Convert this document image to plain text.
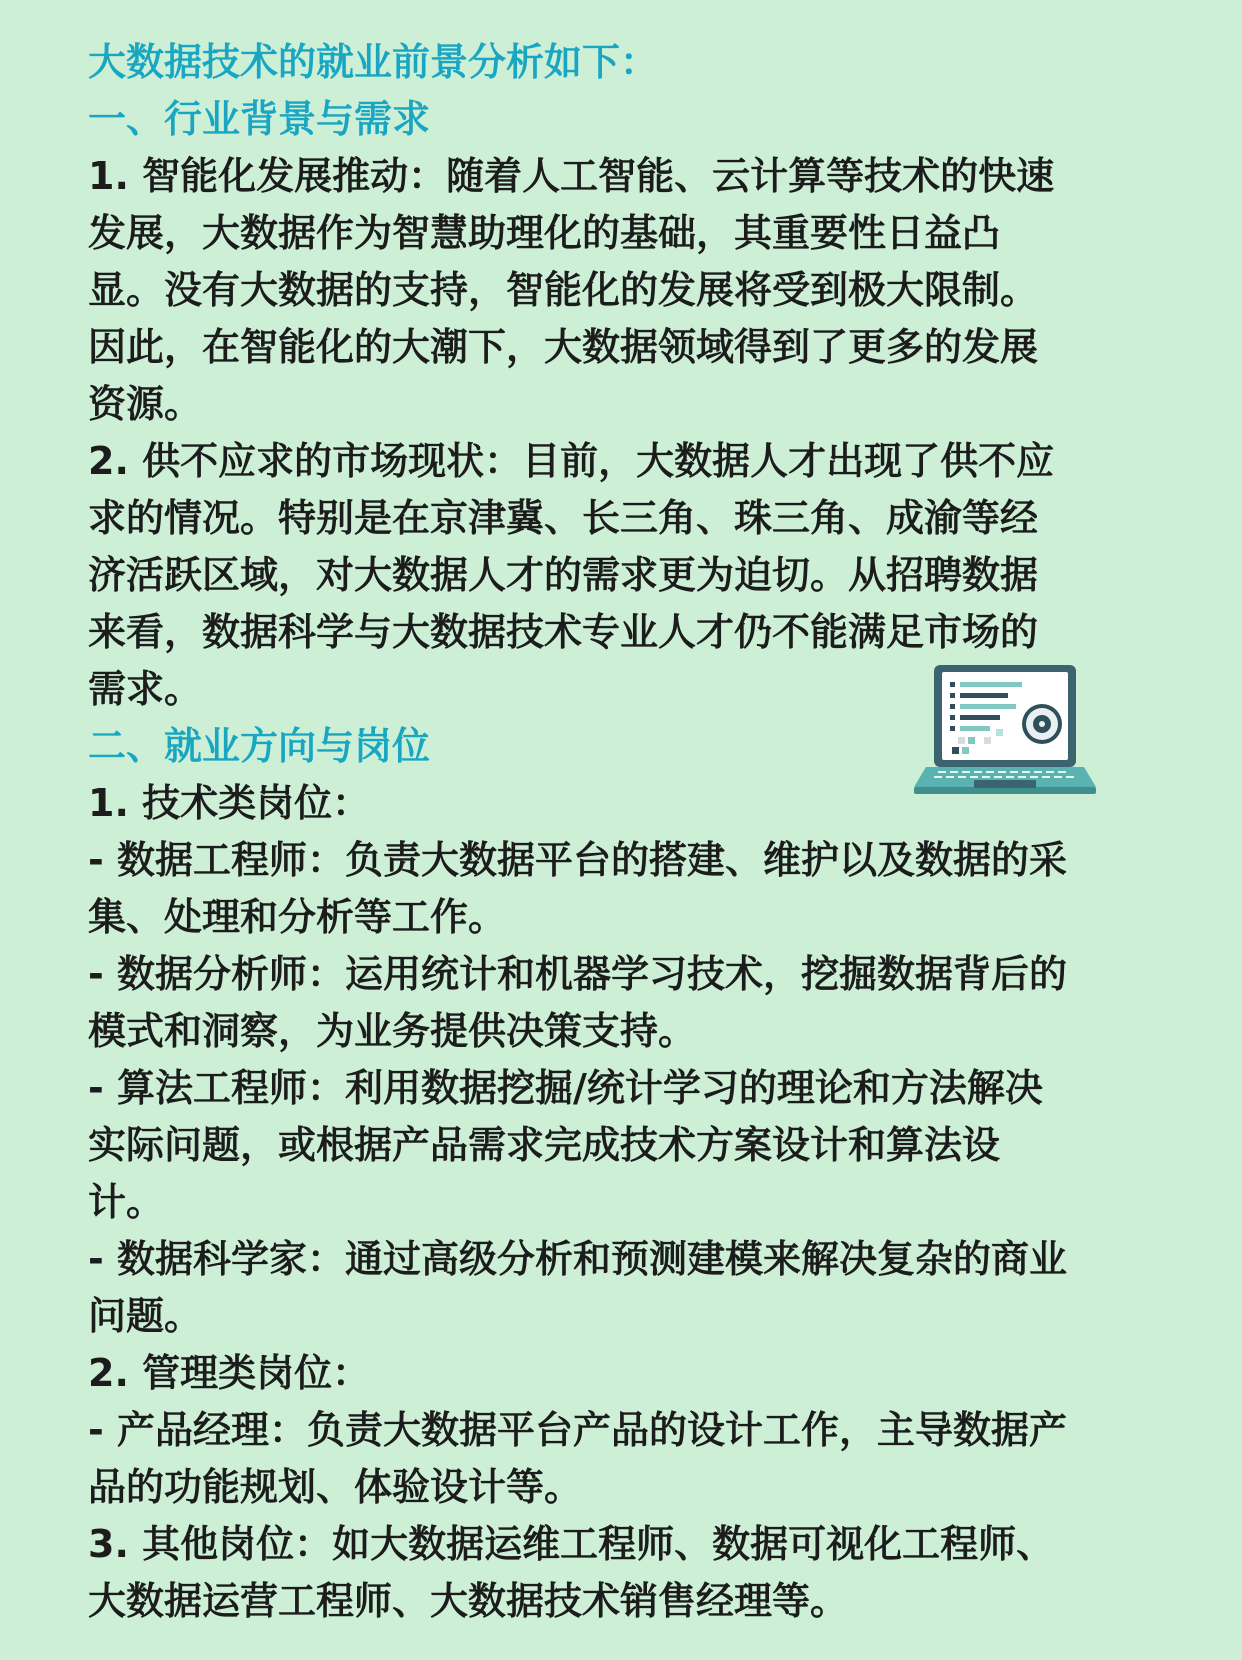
大数据技术的就业前景分析如下：

一、行业背景与需求

1. 智能化发展推动：随着人工智能、云计算等技术的快速

发展，大数据作为智慧助理化的基础，其重要性日益凸

显。没有大数据的支持，智能化的发展将受到极大限制。

因此，在智能化的大潮下，大数据领域得到了更多的发展

资源。

2. 供不应求的市场现状：目前，大数据人才出现了供不应

求的情况。特别是在京津冀、长三角、珠三角、成渝等经

济活跃区域，对大数据人才的需求更为迫切。从招聘数据

来看，数据科学与大数据技术专业人才仍不能满足市场的

需求。

二、就业方向与岗位

1. 技术类岗位：

- 数据工程师：负责大数据平台的搭建、维护以及数据的采

集、处理和分析等工作。

- 数据分析师：运用统计和机器学习技术，挖掘数据背后的

模式和洞察，为业务提供决策支持。

- 算法工程师：利用数据挖掘/统计学习的理论和方法解决

实际问题，或根据产品需求完成技术方案设计和算法设

计。

- 数据科学家：通过高级分析和预测建模来解决复杂的商业

问题。

2. 管理类岗位：

- 产品经理：负责大数据平台产品的设计工作，主导数据产

品的功能规划、体验设计等。

3. 其他岗位：如大数据运维工程师、数据可视化工程师、

大数据运营工程师、大数据技术销售经理等。
